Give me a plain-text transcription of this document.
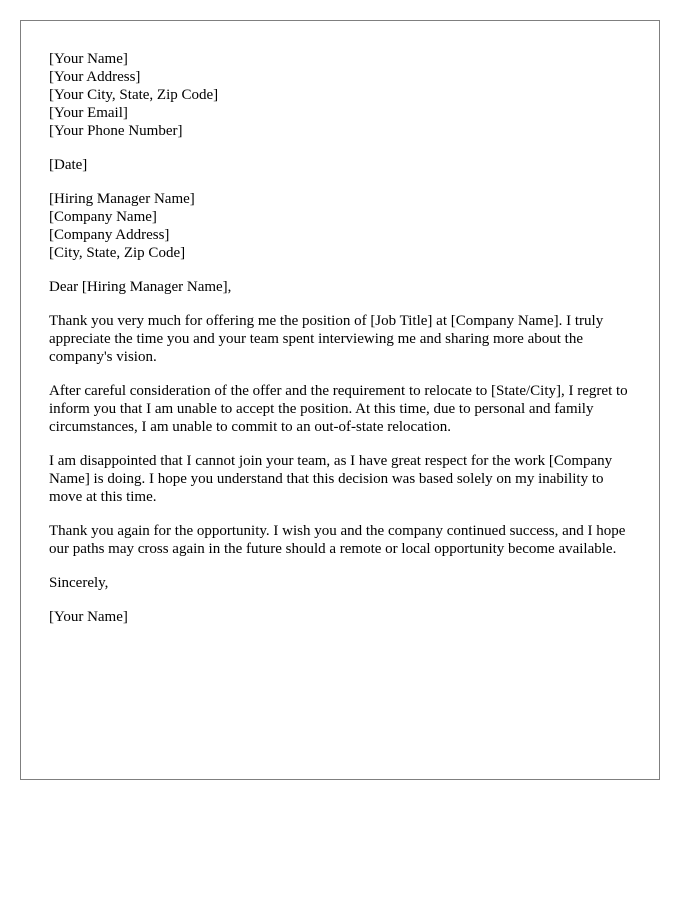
[Your Name]
[Your Address]
[Your City, State, Zip Code]
[Your Email]
[Your Phone Number]
[Date]
[Hiring Manager Name]
[Company Name]
[Company Address]
[City, State, Zip Code]

Dear [Hiring Manager Name],

Thank you very much for offering me the position of [Job Title] at [Company Name]. I truly appreciate the time you and your team spent interviewing me and sharing more about the company's vision.

After careful consideration of the offer and the requirement to relocate to [State/City], I regret to inform you that I am unable to accept the position. At this time, due to personal and family circumstances, I am unable to commit to an out-of-state relocation.

I am disappointed that I cannot join your team, as I have great respect for the work [Company Name] is doing. I hope you understand that this decision was based solely on my inability to move at this time.

Thank you again for the opportunity. I wish you and the company continued success, and I hope our paths may cross again in the future should a remote or local opportunity become available.

Sincerely,

[Your Name]
